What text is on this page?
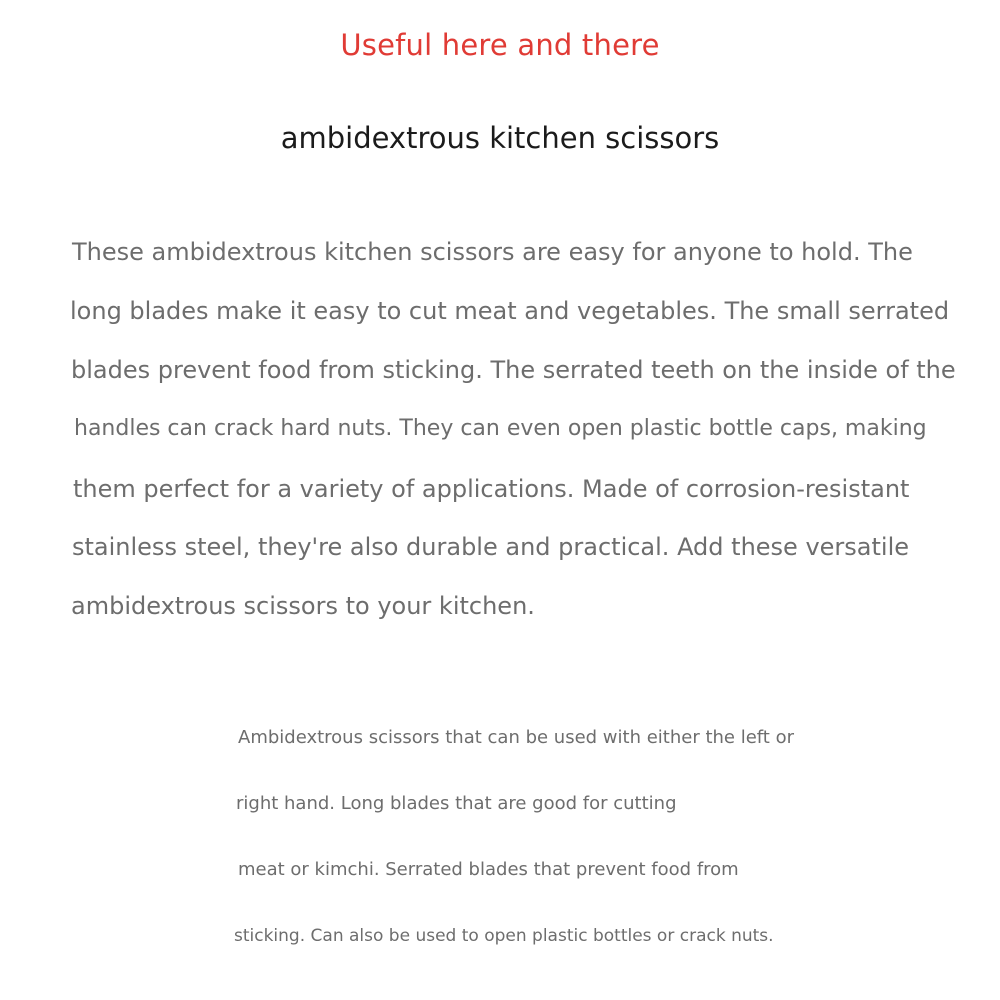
Useful here and there
ambidextrous kitchen scissors
These ambidextrous kitchen scissors are easy for anyone to hold. The
long blades make it easy to cut meat and vegetables. The small serrated
blades prevent food from sticking. The serrated teeth on the inside of the
handles can crack hard nuts. They can even open plastic bottle caps, making
them perfect for a variety of applications. Made of corrosion-resistant
stainless steel, they're also durable and practical. Add these versatile
ambidextrous scissors to your kitchen.
Ambidextrous scissors that can be used with either the left or
right hand. Long blades that are good for cutting
meat or kimchi. Serrated blades that prevent food from
sticking. Can also be used to open plastic bottles or crack nuts.
